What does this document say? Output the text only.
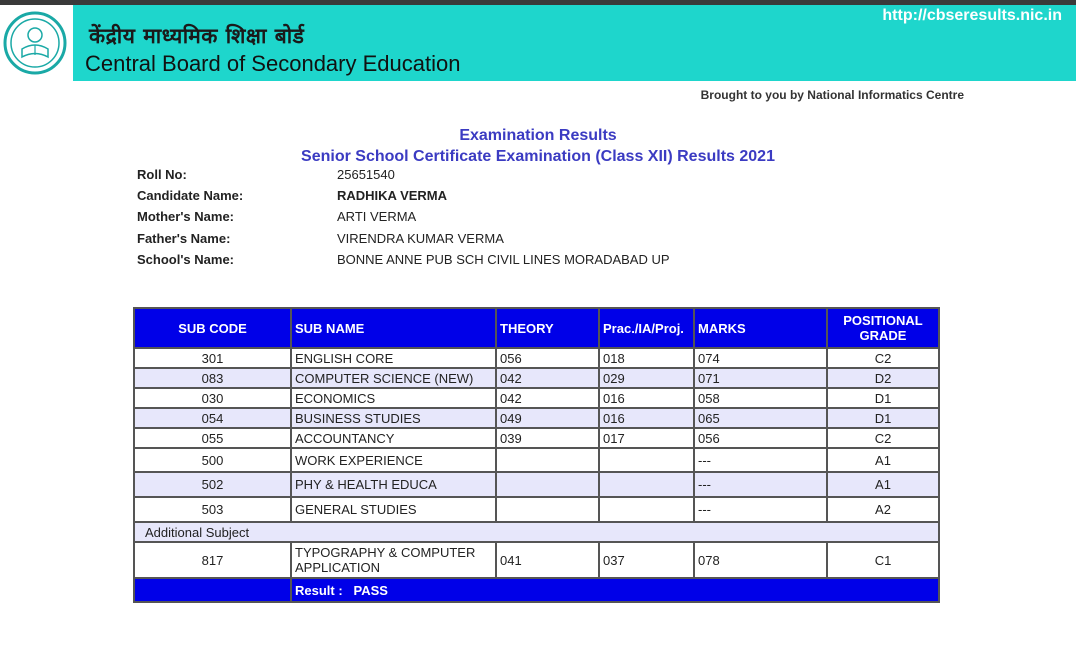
केंद्रीय माध्यमिक शिक्षा बोर्ड
Central Board of Secondary Education
http://cbseresults.nic.in
Brought to you by National Informatics Centre
Examination Results
Senior School Certificate Examination (Class XII) Results 2021
Roll No:	25651540
Candidate Name:	RADHIKA VERMA
Mother's Name:	ARTI VERMA
Father's Name:	VIRENDRA KUMAR VERMA
School's Name:	BONNE ANNE PUB SCH CIVIL LINES MORADABAD UP
SUB CODE	SUB NAME	THEORY	Prac./IA/Proj.	MARKS	POSITIONAL GRADE
301	ENGLISH CORE	056	018	074	C2
083	COMPUTER SCIENCE (NEW)	042	029	071	D2
030	ECONOMICS	042	016	058	D1
054	BUSINESS STUDIES	049	016	065	D1
055	ACCOUNTANCY	039	017	056	C2
500	WORK EXPERIENCE			---	A1
502	PHY & HEALTH EDUCA			---	A1
503	GENERAL STUDIES			---	A2
Additional Subject					
817	TYPOGRAPHY & COMPUTER APPLICATION	041	037	078	C1
	Result : PASS				
